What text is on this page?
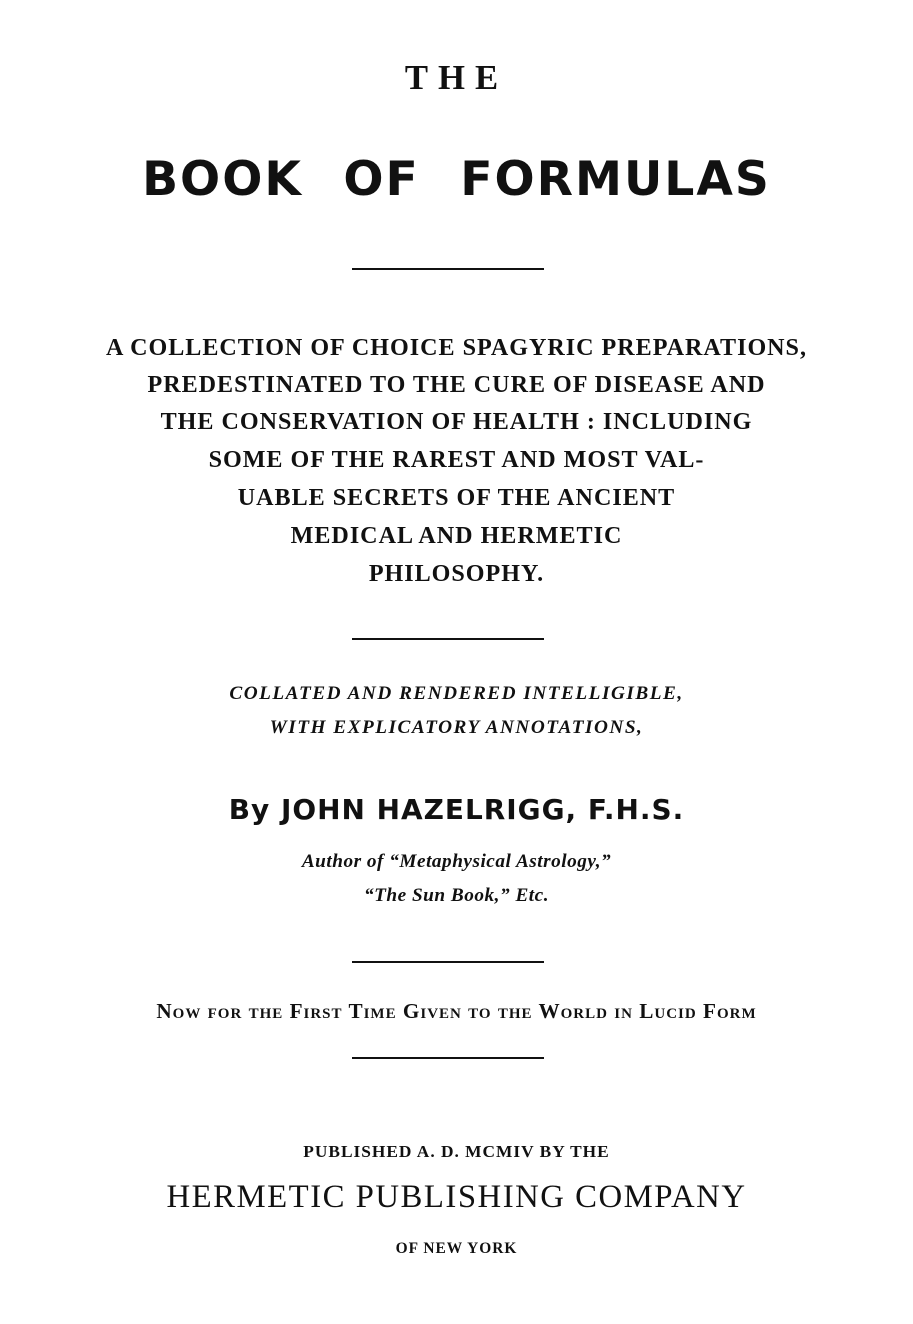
THE
BOOK OF FORMULAS
A COLLECTION OF CHOICE SPAGYRIC PREPARATIONS,
PREDESTINATED TO THE CURE OF DISEASE AND
THE CONSERVATION OF HEALTH : INCLUDING
SOME OF THE RAREST AND MOST VAL-
UABLE SECRETS OF THE ANCIENT
MEDICAL AND HERMETIC
PHILOSOPHY.
COLLATED AND RENDERED INTELLIGIBLE,
WITH EXPLICATORY ANNOTATIONS,
By JOHN HAZELRIGG, F.H.S.
Author of “Metaphysical Astrology,”
“The Sun Book,” Etc.
Now for the First Time Given to the World in Lucid Form
PUBLISHED A. D. MCMIV BY THE
HERMETIC PUBLISHING COMPANY
OF NEW YORK
